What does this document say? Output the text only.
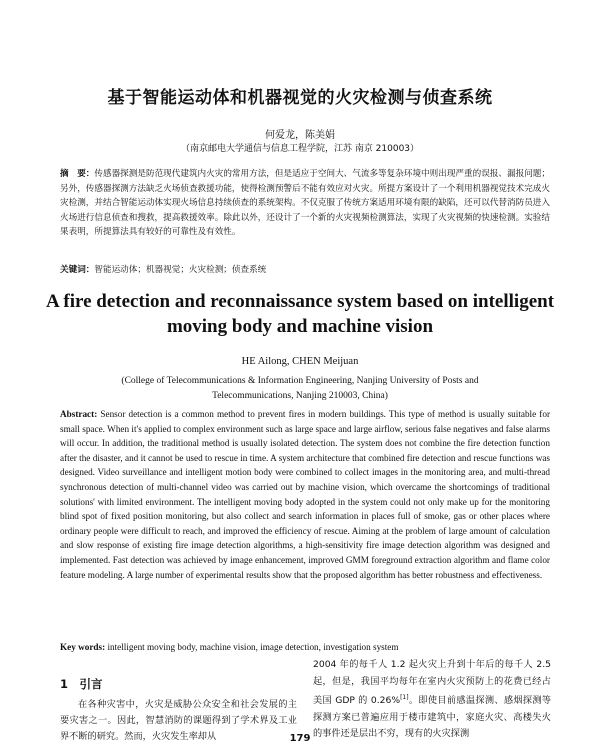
基于智能运动体和机器视觉的火灾检测与侦查系统
何爱龙，陈美娟
（南京邮电大学通信与信息工程学院，江苏 南京 210003）
摘　要：传感器探测是防范现代建筑内火灾的常用方法，但是适应于空间大、气流多等复杂环境中则出现严重的误报、漏报问题；另外，传感器探测方法缺乏火场侦查救援功能，使得检测预警后不能有效应对火灾。所提方案设计了一个利用机器视觉技术完成火灾检测，并结合智能运动体实现火场信息持续侦查的系统架构。不仅克服了传统方案适用环境有限的缺陷，还可以代替消防员进入火场进行信息侦查和搜救，提高救援效率。除此以外，还设计了一个新的火灾视频检测算法，实现了火灾视频的快速检测。实验结果表明，所提算法具有较好的可靠性及有效性。
关键词：智能运动体；机器视觉；火灾检测；侦查系统
A fire detection and reconnaissance system based on intelligent moving body and machine vision
HE Ailong, CHEN Meijuan
(College of Telecommunications & Information Engineering, Nanjing University of Posts and Telecommunications, Nanjing 210003, China)
Abstract: Sensor detection is a common method to prevent fires in modern buildings. This type of method is usually suitable for small space. When it's applied to complex environment such as large space and large airflow, serious false negatives and false alarms will occur. In addition, the traditional method is usually isolated detection. The system does not combine the fire detection function after the disaster, and it cannot be used to rescue in time. A system architecture that combined fire detection and rescue functions was designed. Video surveillance and intelligent motion body were combined to collect images in the monitoring area, and multi-thread synchronous detection of multi-channel video was carried out by machine vision, which overcame the shortcomings of traditional solutions' with limited environment. The intelligent moving body adopted in the system could not only make up for the monitoring blind spot of fixed position monitoring, but also collect and search information in places full of smoke, gas or other places where ordinary people were difficult to reach, and improved the efficiency of rescue. Aiming at the problem of large amount of calculation and slow response of existing fire image detection algorithms, a high-sensitivity fire image detection algorithm was designed and implemented. Fast detection was achieved by image enhancement, improved GMM foreground extraction algorithm and flame color feature modeling. A large number of experimental results show that the proposed algorithm has better robustness and effectiveness.
Key words: intelligent moving body, machine vision, image detection, investigation system
1　引言
在各种灾害中，火灾是威胁公众安全和社会发展的主要灾害之一。因此，智慧消防的课题得到了学术界及工业界不断的研究。然而，火灾发生率却从
2004 年的每千人 1.2 起火灾上升到十年后的每千人 2.5 起，但是，我国平均每年在室内火灾预防上的花费已经占美国 GDP 的 0.26%[1]。即使目前感温探测、感烟探测等探测方案已普遍应用于楼市建筑中，家庭火灾、高楼失火的事件还是层出不穷，现有的火灾探测
179
